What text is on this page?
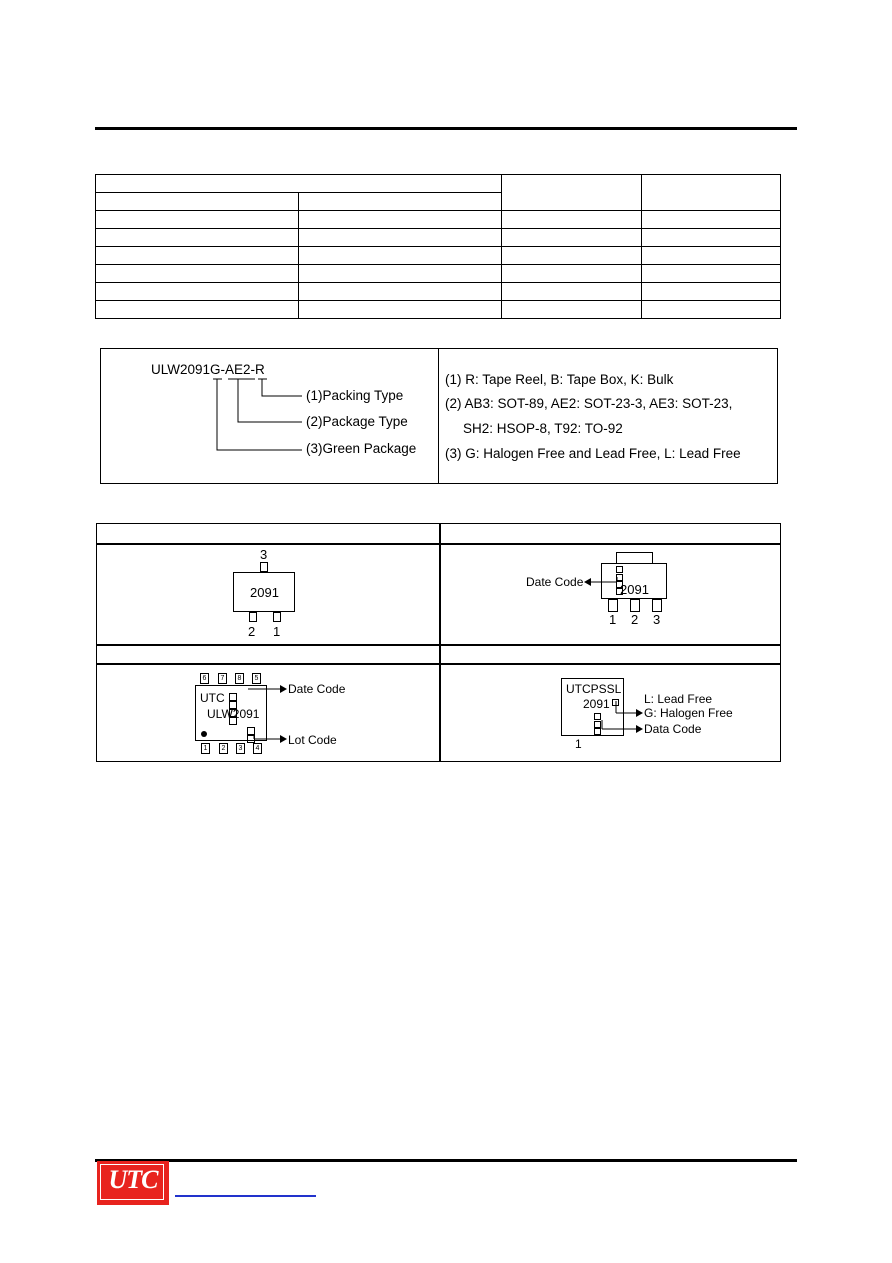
ULW2091G-AE2-R
(1)Packing Type
(2)Package Type
(3)Green Package
(1) R: Tape Reel, B: Tape Box, K: Bulk
(2) AB3: SOT-89, AE2: SOT-23-3, AE3: SOT-23,
SH2: HSOP-8, T92: TO-92
(3) G: Halogen Free and Lead Free, L: Lead Free
3
2091
2 1
Date Code	2091
1 2 3
6	7	8	5
UTC
ULW2091
Date Code
Lot Code
1	2	3	4
UTCPSSL
2091	L: Lead Free
G: Halogen Free
Data Code
1
UTC
